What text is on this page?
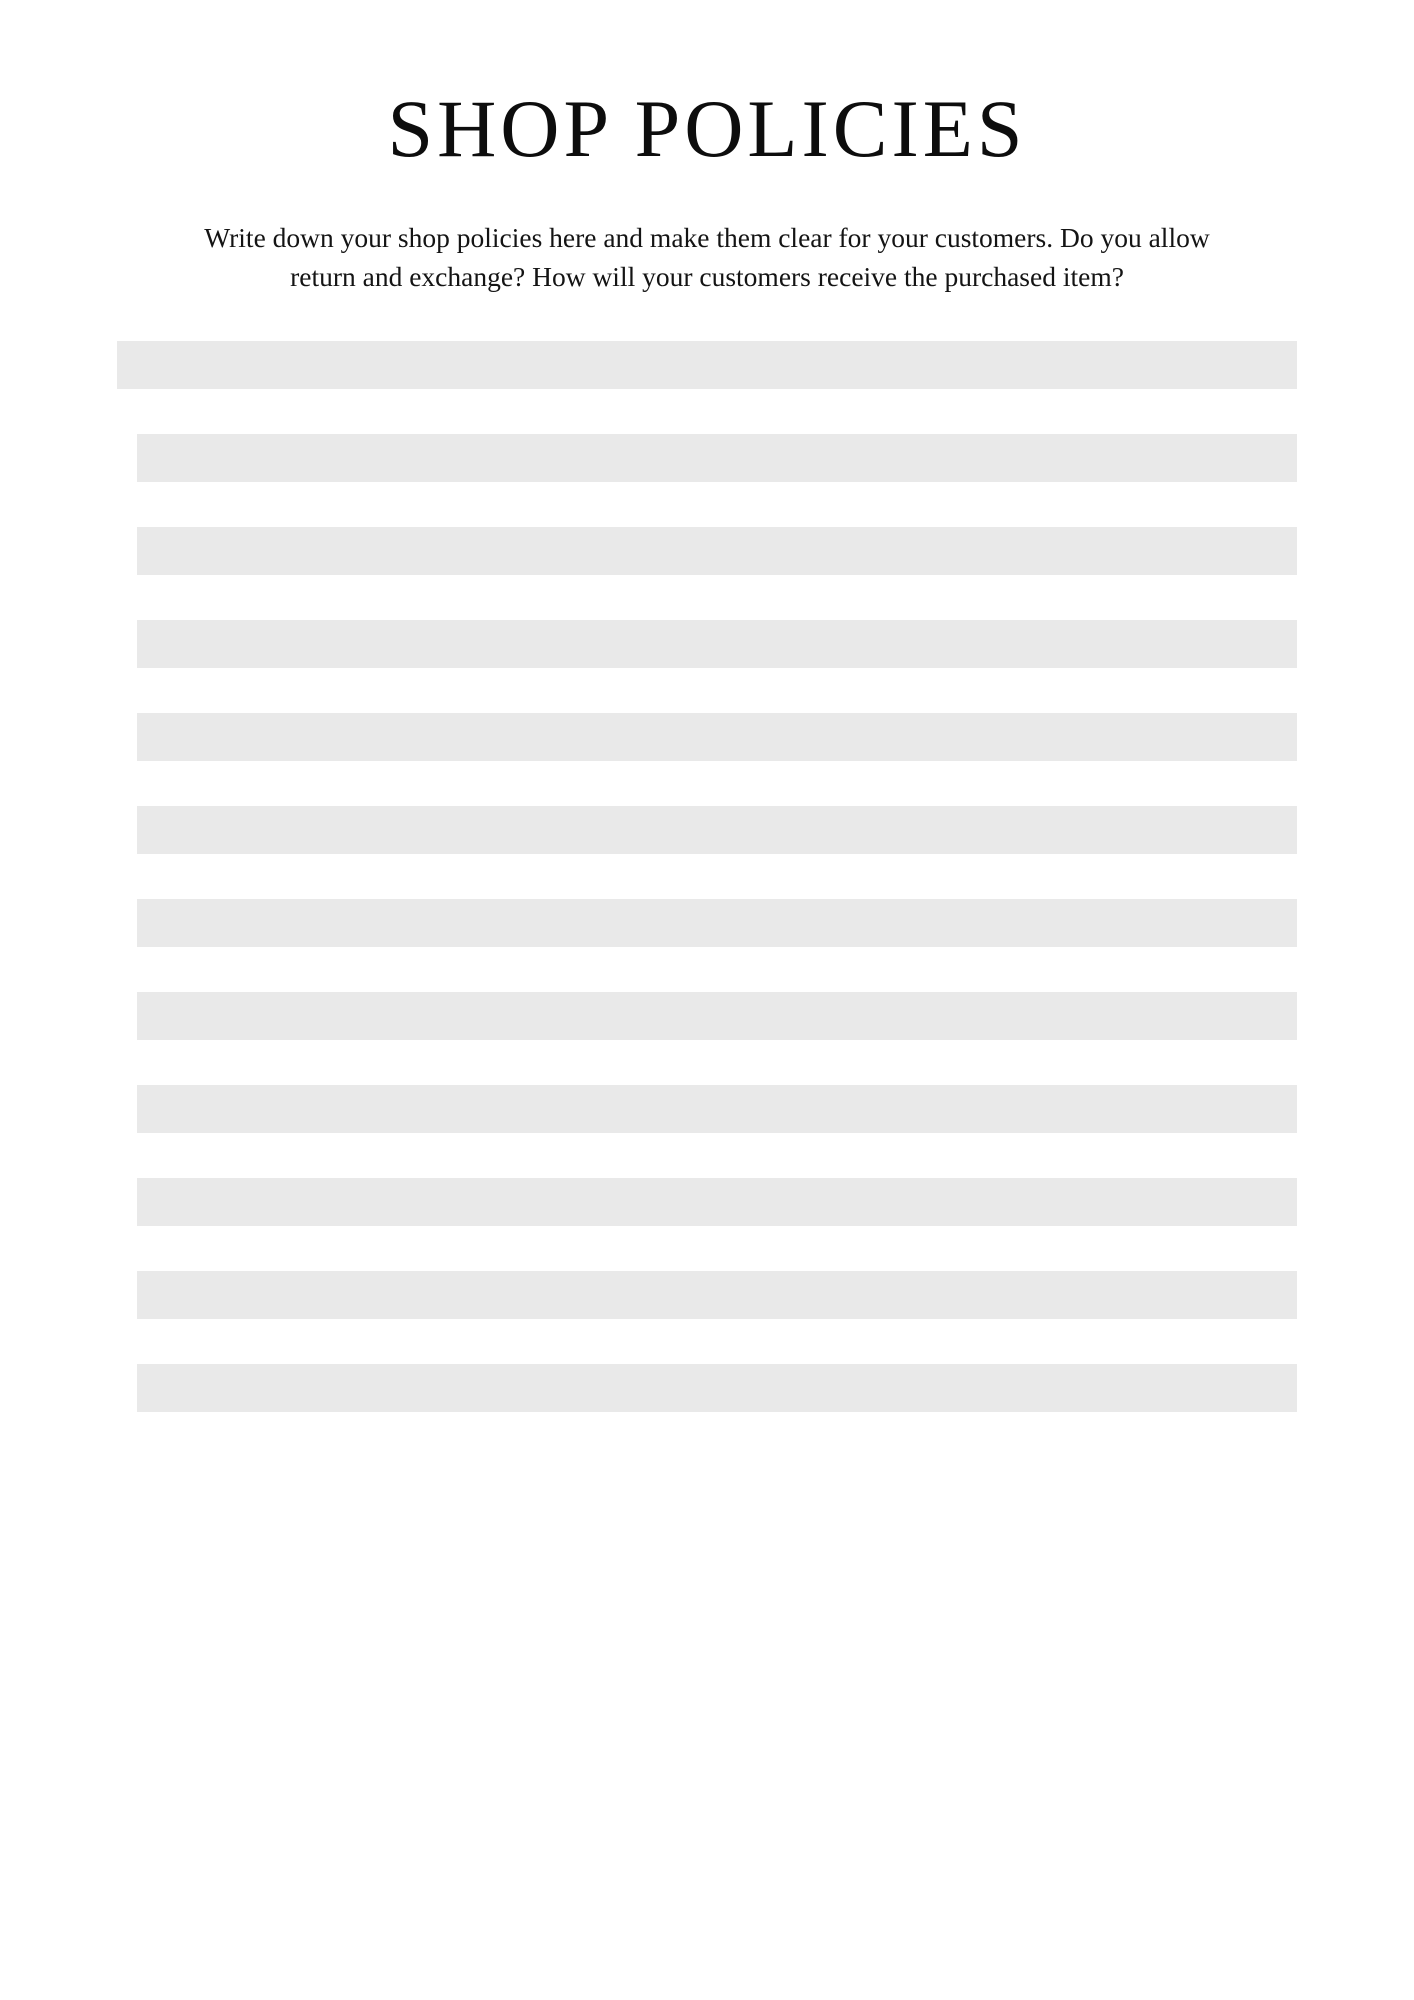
SHOP POLICIES

Write down your shop policies here and make them clear for your customers. Do you allow return and exchange? How will your customers receive the purchased item?
